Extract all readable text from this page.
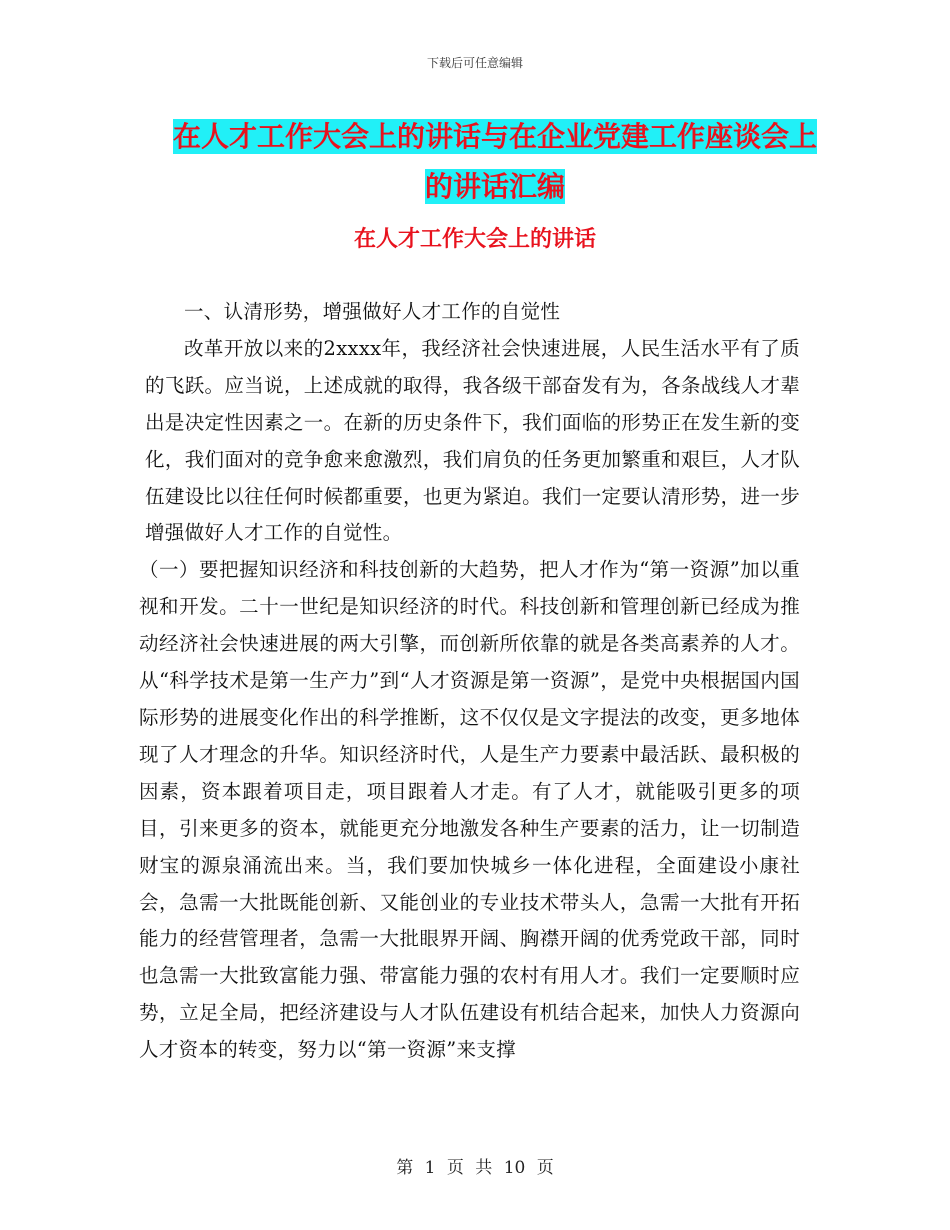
下载后可任意编辑
在人才工作大会上的讲话与在企业党建工作座谈会上
的讲话汇编
在人才工作大会上的讲话

一、认清形势，增强做好人才工作的自觉性

改革开放以来的2xxxx年，我经济社会快速进展，人民生活水平有了质的飞跃。应当说，上述成就的取得，我各级干部奋发有为，各条战线人才辈出是决定性因素之一。在新的历史条件下，我们面临的形势正在发生新的变化，我们面对的竞争愈来愈激烈，我们肩负的任务更加繁重和艰巨，人才队伍建设比以往任何时候都重要，也更为紧迫。我们一定要认清形势，进一步增强做好人才工作的自觉性。

（一）要把握知识经济和科技创新的大趋势，把人才作为“第一资源”加以重视和开发。二十一世纪是知识经济的时代。科技创新和管理创新已经成为推动经济社会快速进展的两大引擎，而创新所依靠的就是各类高素养的人才。从“科学技术是第一生产力”到“人才资源是第一资源”，是党中央根据国内国际形势的进展变化作出的科学推断，这不仅仅是文字提法的改变，更多地体现了人才理念的升华。知识经济时代，人是生产力要素中最活跃、最积极的因素，资本跟着项目走，项目跟着人才走。有了人才，就能吸引更多的项目，引来更多的资本，就能更充分地激发各种生产要素的活力，让一切制造财宝的源泉涌流出来。当，我们要加快城乡一体化进程，全面建设小康社会，急需一大批既能创新、又能创业的专业技术带头人，急需一大批有开拓能力的经营管理者，急需一大批眼界开阔、胸襟开阔的优秀党政干部，同时也急需一大批致富能力强、带富能力强的农村有用人才。我们一定要顺时应势，立足全局，把经济建设与人才队伍建设有机结合起来，加快人力资源向人才资本的转变，努力以“第一资源”来支撑

第 1 页 共 10 页
